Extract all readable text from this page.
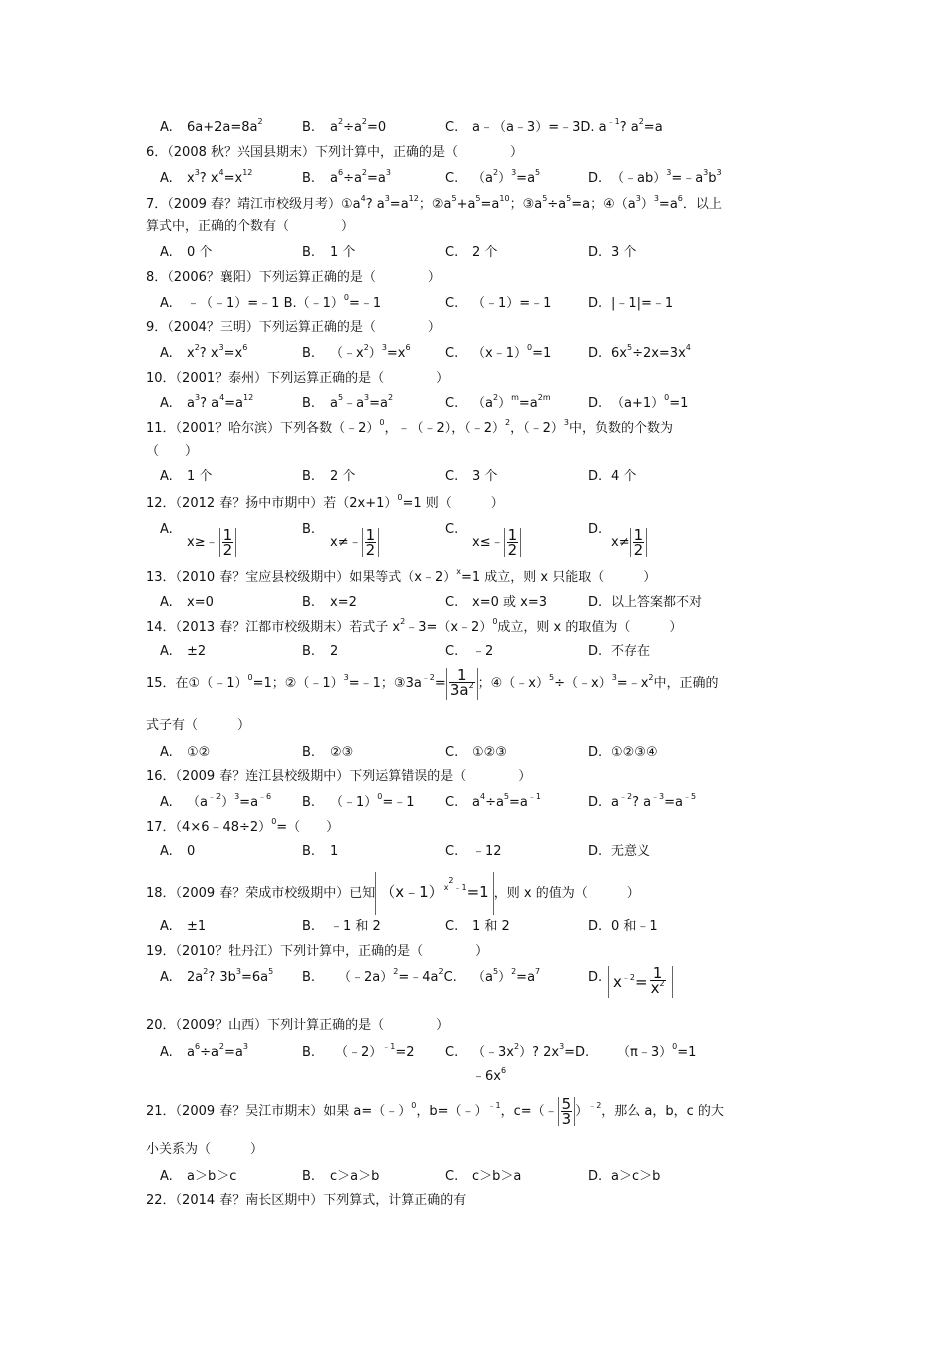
A. $6a+2a=8a^2$	B. $a^2\div a^2=0$	C. a﹣（a﹣3）=﹣3D. $a^{﹣1}$? $a^2=a$
6．（2008 秋？兴国县期末）下列计算中，正确的是（　　　　）
A. $x^3$? $x^4=x^{12}$	B. $a^6\div a^2=a^3$	C. $(a^2)^3=a^5$	D. $(﹣ab)^3=﹣a^3b^3$
7．（2009 春？靖江市校级月考）$①a^4$? $a^3=a^{12}$；$②a^5+a^5=a^{10}$；$③a^5\div a^5=a$；$④(a^3)^3=a^6$．以上
算式中，正确的个数有（　　　　）
A. 0 个	B. 1 个	C. 2 个	D. 3 个
8．（2006？襄阳）下列运算正确的是（　　　　）
A. ﹣（﹣1）=﹣1 B.（﹣1）$^0$=﹣1	C. （﹣1）=﹣1	D. |﹣1|=﹣1
9．（2004？三明）下列运算正确的是（　　　　）
A. $x^2$? $x^3=x^6$	B. $(﹣x^2)^3=x^6$	C. （x﹣1）$^0$=1	D. $6x^5\div 2x=3x^4$
10．（2001？泰州）下列运算正确的是（　　　　）
A. $a^3$? $a^4=a^{12}$	B. $a^5﹣a^3=a^2$	C. $(a^2)^m=a^{2m}$	D. $(a+1)^0=1$
11．（2001？哈尔滨）下列各数（﹣2）$^0$，﹣（﹣2），（﹣2）$^2$，（﹣2）$^3$中，负数的个数为
（　　）
A. 1 个	B. 2 个	C. 3 个	D. 4 个
12．（2012 春？扬中市期中）若$(2x+1)^0=1$ 则（　　　）
A.
x≥﹣ $\frac{1}{2}$	B.
x≠﹣ $\frac{1}{2}$	C.
x≤﹣ $\frac{1}{2}$	D.
$x\ne \frac{1}{2}$
13．（2010 春？宝应县校级期中）如果等式（x﹣2）$^x$=1 成立，则 x 只能取（　　　）
A. x=0	B. x=2	C. x=0 或 x=3	D. 以上答案都不对
14．（2013 春？江都市校级期末）若式子 $x^2﹣3=(x﹣2)^0$成立，则 x 的取值为（　　　）
A. ±2	B. 2	C. ﹣2	D. 不存在
15．在①（﹣1）$^0$=1；②（﹣1）$^3$=﹣1；$③3a^{﹣2}= \frac{1}{3a^2}$ ；$④(﹣x)^5\div(﹣x)^3=﹣x^2$中，正确的
式子有（　　　）
A. ①②	B. ②③	C. ①②③	D. ①②③④
16．（2009 春？连江县校级期中）下列运算错误的是（　　　　）
A. $(a^{﹣2})^3=a^{﹣6}$ B. （﹣1）$^0$=﹣1 C. $a^4\div a^5=a^{﹣1}$	D. $a^{﹣2}$? $a^{﹣3}=a^{﹣5}$
17．（4×6﹣48÷2）$^0$=（　　）
A. 0	B. 1	C. ﹣12	D. 无意义
18．（2009 春？荣成市校级期中）已知 （x﹣1）$^{x^2﹣1}$=1 ，则 x 的值为（　　　）
A. ±1	B. ﹣1 和 2	C. 1 和 2	D. 0 和﹣1
19．（2010？牡丹江）下列计算中，正确的是（　　　　）
A. $2a^2$? $3b^3=6a^5$ B. $(﹣2a)^2=﹣4a^2C$. $(a^5)^2=a^7$	D. $x^{﹣2}= \frac{1}{x^2}$
20．（2009？山西）下列计算正确的是（　　　　）
A. $a^6\div a^2=a^3$	B. （﹣2）$^{﹣1}$=2 C. $(﹣3x^2)$? $2x^3=D$.
$﹣6x^6$
（π﹣3）$^0$=1
21．（2009 春？吴江市期末）如果 a=（﹣）$^0$，b=（﹣）$^{﹣1}$，c=（﹣ $\frac{5}{3} )^{﹣2}$，那么 a，b，c 的大
小关系为（　　　）
A. a＞b＞c	B. c＞a＞b	C. c＞b＞a	D. a＞c＞b
22．（2014 春？南长区期中）下列算式，计算正确的有
